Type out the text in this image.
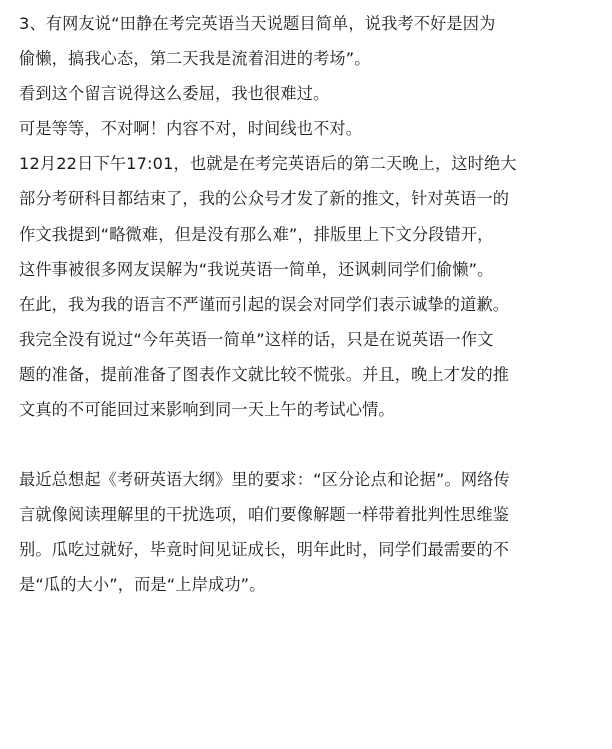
3、有网友说“田静在考完英语当天说题目简单，说我考不好是因为
偷懒，搞我心态，第二天我是流着泪进的考场”。
看到这个留言说得这么委屈，我也很难过。
可是等等，不对啊！内容不对，时间线也不对。
12月22日下午17:01，也就是在考完英语后的第二天晚上，这时绝大
部分考研科目都结束了，我的公众号才发了新的推文，针对英语一的
作文我提到“略微难，但是没有那么难”，排版里上下文分段错开，
这件事被很多网友误解为“我说英语一简单，还讽刺同学们偷懒”。
在此，我为我的语言不严谨而引起的误会对同学们表示诚挚的道歉。
我完全没有说过“今年英语一简单”这样的话，只是在说英语一作文
题的准备，提前准备了图表作文就比较不慌张。并且，晚上才发的推
文真的不可能回过来影响到同一天上午的考试心情。
最近总想起《考研英语大纲》里的要求：“区分论点和论据”。网络传
言就像阅读理解里的干扰选项，咱们要像解题一样带着批判性思维鉴
别。瓜吃过就好，毕竟时间见证成长，明年此时，同学们最需要的不
是“瓜的大小”，而是“上岸成功”。
